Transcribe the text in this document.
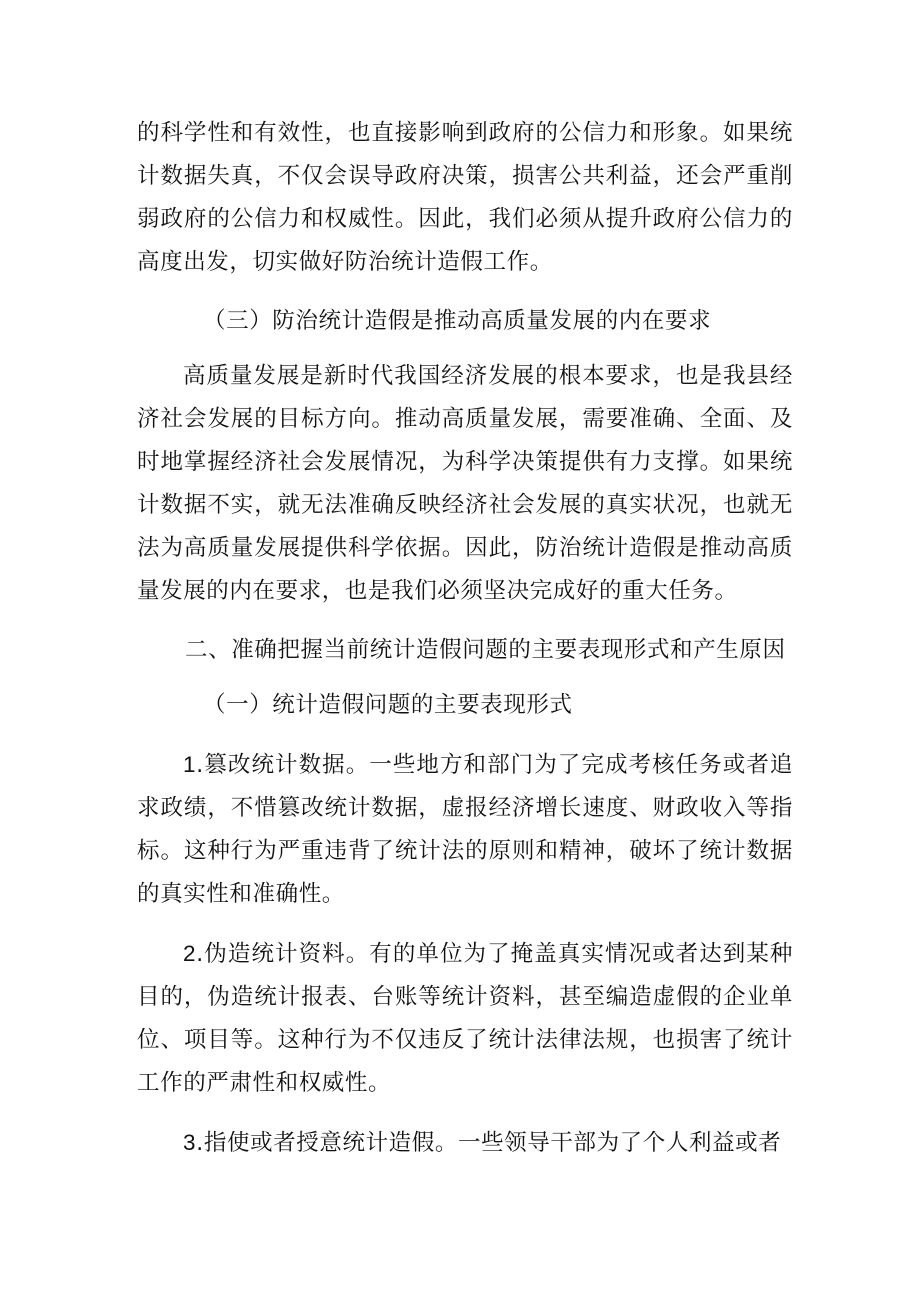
的科学性和有效性，也直接影响到政府的公信力和形象。如果统计数据失真，不仅会误导政府决策，损害公共利益，还会严重削弱政府的公信力和权威性。因此，我们必须从提升政府公信力的高度出发，切实做好防治统计造假工作。

（三）防治统计造假是推动高质量发展的内在要求

高质量发展是新时代我国经济发展的根本要求，也是我县经济社会发展的目标方向。推动高质量发展，需要准确、全面、及时地掌握经济社会发展情况，为科学决策提供有力支撑。如果统计数据不实，就无法准确反映经济社会发展的真实状况，也就无法为高质量发展提供科学依据。因此，防治统计造假是推动高质量发展的内在要求，也是我们必须坚决完成好的重大任务。

二、准确把握当前统计造假问题的主要表现形式和产生原因

（一）统计造假问题的主要表现形式

1.篡改统计数据。一些地方和部门为了完成考核任务或者追求政绩，不惜篡改统计数据，虚报经济增长速度、财政收入等指标。这种行为严重违背了统计法的原则和精神，破坏了统计数据的真实性和准确性。

2.伪造统计资料。有的单位为了掩盖真实情况或者达到某种目的，伪造统计报表、台账等统计资料，甚至编造虚假的企业单位、项目等。这种行为不仅违反了统计法律法规，也损害了统计工作的严肃性和权威性。

3.指使或者授意统计造假。一些领导干部为了个人利益或者
